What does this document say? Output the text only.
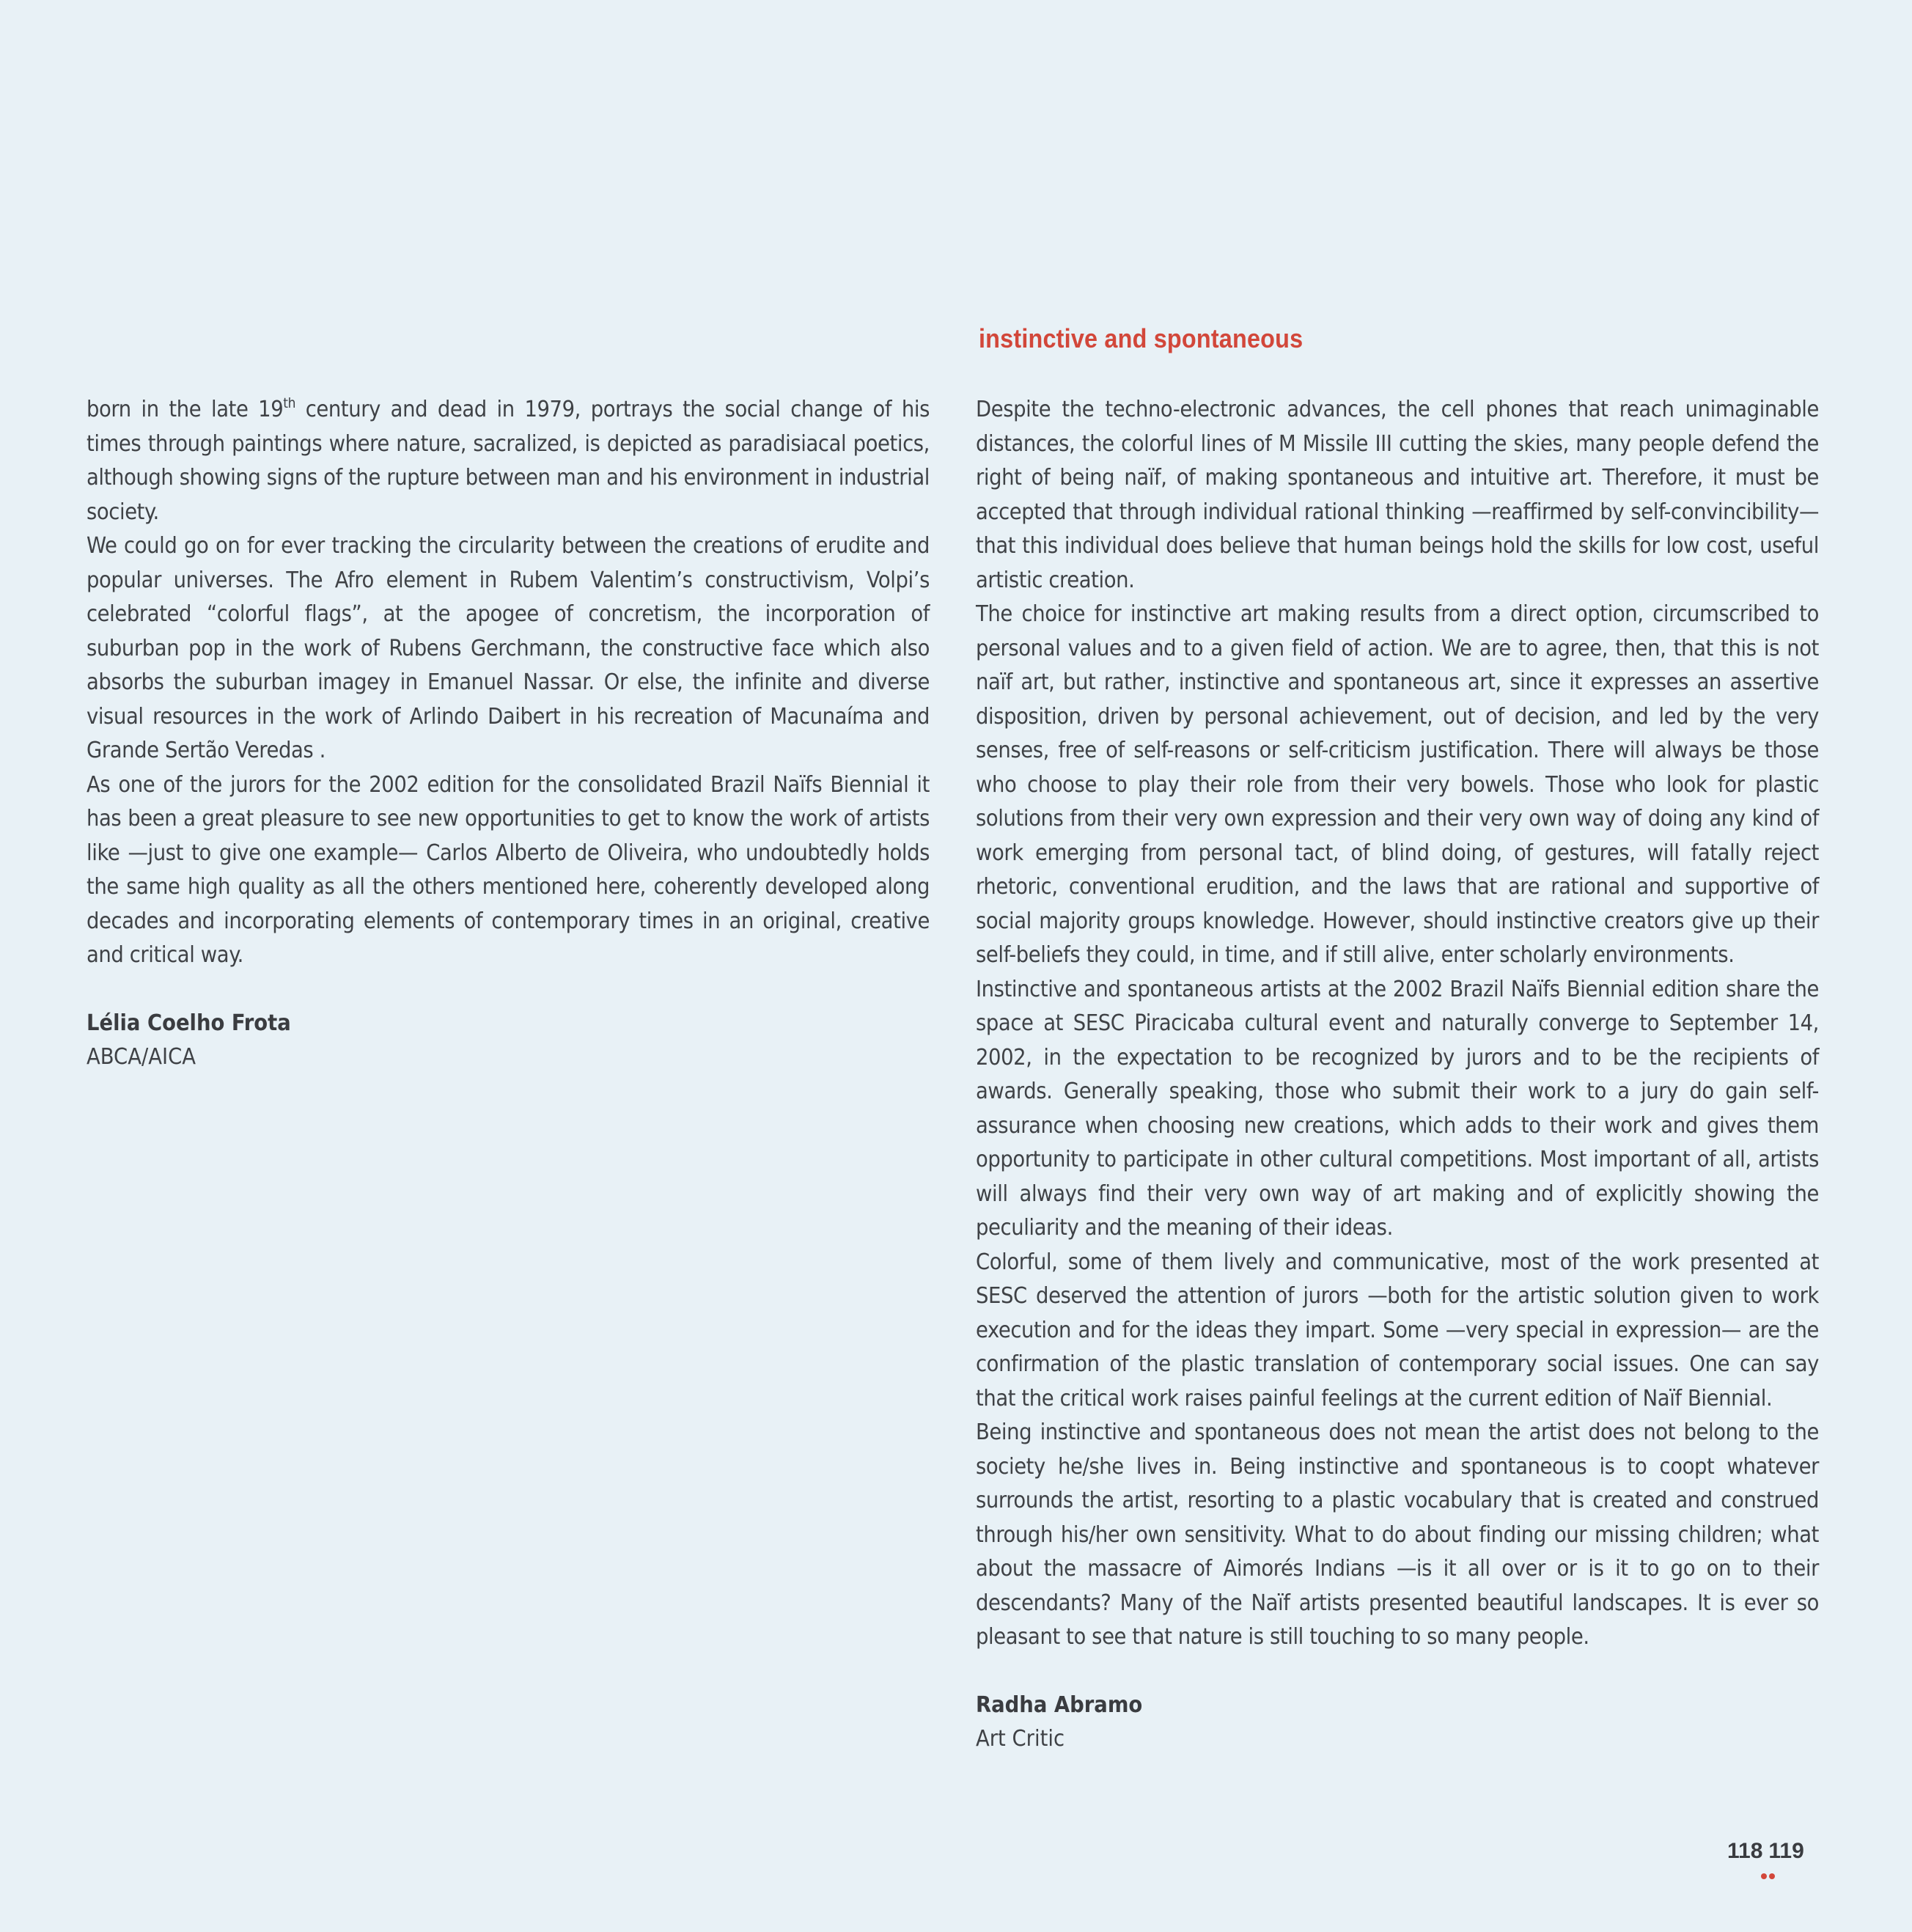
born in the late 19th century and dead in 1979, portrays the social change of his times through paintings where nature, sacralized, is depicted as paradisiacal poetics, although showing signs of the rupture between man and his environment in industrial society.

We could go on for ever tracking the circularity between the creations of erudite and popular universes. The Afro element in Rubem Valentim’s constructivism, Volpi’s celebrated “colorful flags”, at the apogee of concretism, the incorporation of suburban pop in the work of Rubens Gerchmann, the constructive face which also absorbs the suburban imagey in Emanuel Nassar. Or else, the infinite and diverse visual resources in the work of Arlindo Daibert in his recreation of Macunaíma and Grande Sertão Veredas .

As one of the jurors for the 2002 edition for the consolidated Brazil Naïfs Biennial it has been a great pleasure to see new opportunities to get to know the work of artists like —just to give one example— Carlos Alberto de Oliveira, who undoubtedly holds the same high quality as all the others mentioned here, coherently developed along decades and incorporating elements of contemporary times in an original, creative and critical way.

Lélia Coelho Frota
ABCA/AICA
instinctive and spontaneous

Despite the techno-electronic advances, the cell phones that reach unimaginable distances, the colorful lines of M Missile III cutting the skies, many people defend the right of being naïf, of making spontaneous and intuitive art. Therefore, it must be accepted that through individual rational thinking —reaffirmed by self-convincibility— that this individual does believe that human beings hold the skills for low cost, useful artistic creation.

The choice for instinctive art making results from a direct option, circumscribed to personal values and to a given field of action. We are to agree, then, that this is not naïf art, but rather, instinctive and spontaneous art, since it expresses an assertive disposition, driven by personal achievement, out of decision, and led by the very senses, free of self-reasons or self-criticism justification. There will always be those who choose to play their role from their very bowels. Those who look for plastic solutions from their very own expression and their very own way of doing any kind of work emerging from personal tact, of blind doing, of gestures, will fatally reject rhetoric, conventional erudition, and the laws that are rational and supportive of social majority groups knowledge. However, should instinctive creators give up their self-beliefs they could, in time, and if still alive, enter scholarly environments.

Instinctive and spontaneous artists at the 2002 Brazil Naïfs Biennial edition share the space at SESC Piracicaba cultural event and naturally converge to September 14, 2002, in the expectation to be recognized by jurors and to be the recipients of awards. Generally speaking, those who submit their work to a jury do gain self-assurance when choosing new creations, which adds to their work and gives them opportunity to participate in other cultural competitions. Most important of all, artists will always find their very own way of art making and of explicitly showing the peculiarity and the meaning of their ideas.

Colorful, some of them lively and communicative, most of the work presented at SESC deserved the attention of jurors —both for the artistic solution given to work execution and for the ideas they impart. Some —very special in expression— are the confirmation of the plastic translation of contemporary social issues. One can say that the critical work raises painful feelings at the current edition of Naïf Biennial.

Being instinctive and spontaneous does not mean the artist does not belong to the society he/she lives in. Being instinctive and spontaneous is to coopt whatever surrounds the artist, resorting to a plastic vocabulary that is created and construed through his/her own sensitivity. What to do about finding our missing children; what about the massacre of Aimorés Indians —is it all over or is it to go on to their descendants? Many of the Naïf artists presented beautiful landscapes. It is ever so pleasant to see that nature is still touching to so many people.

Radha Abramo
Art Critic
118 119
